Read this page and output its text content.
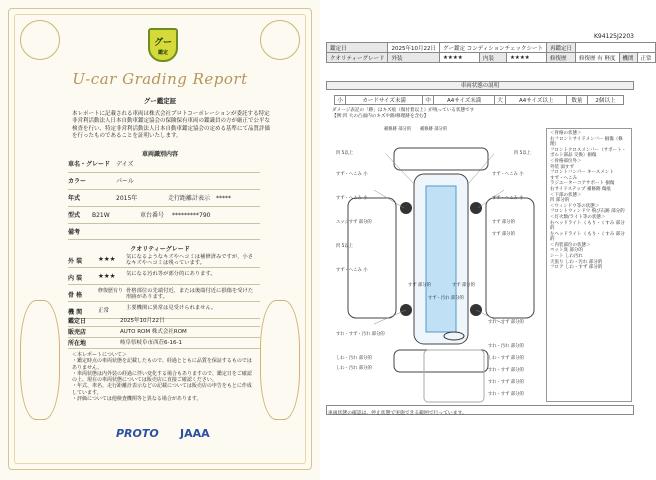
グー
鑑定
U-car Grading Report
グー鑑定証
本レポートに記載される車両は株式会社プロトコーポレーションが委託する特定非営利活動法人日本自動車鑑定協会の保険保有車両の鑑識員の方が厳正で公平な検査を行い、特定非営利活動法人日本自動車鑑定協会の定める基準にて品質評価を行ったものであることを証明いたします。
車両識別内容
車名・グレード デイズ
カラー	パール
年式	2015年	走行距離計表示 *****
型式 B21W	車台番号 *********790
備考
クオリティーグレード
外 装 ★★★ 気になるようなキズやヘコミは補修済みですが、小さなキズやヘコミは残っています。
内 装 ★★★ 気になる汚れ等が部分的にあります。
骨 格
修復歴有り 骨格部位の先端付近、または後端付近に損傷を受けた形跡があります。
機 関	正常	主要機関に異常は見受けられません。
鑑定日	2025年10月22日
販売店	AUTO ROM 株式会社ROM
所在地	岐阜県岐阜市西荘6-16-1
＜本レポートについて＞
・鑑定時点の車両状態を記載したもので、経過とともに品質を保証するものではありません。
・車両状態は内外装の経過に伴い変化する場合もありますので、鑑定日をご確認の上、現在の車両状態については販売店に直接ご確認ください。
・年式、車名、走行距離計表示などの記載については販売店の申告をもとに作成しています。
・評価については他検査機関等と異なる場合があります。
PROTO JAAA
K94125J2203
鑑定日	2025年10月22日	グー鑑定 コンディションチェックシート			再鑑定日			
クオリティーグレード	外装	★★★★	内装	★★★★	修復歴	修復歴 有 軽度	機関	正常
車両状態の説明
小	カードサイズ未満	中	A4サイズ未満	大	A4サイズ以上	数量	2個以上
ダメージ表記の「跡」はキズ痕（傷付着以上）が残っている状態です
【例:凹 大の凸面内のキズや跡/修理跡を含む】
補修跡 部分的 補修跡 部分的
凹 5以上	凹 5以上
すず・へこみ 小	すず・へこみ 小
すず・へこみ 小	すず・へこみ 小
エッジすず 部分的	すず 部分的
すず 部分的
凹 5以上
すず・へこみ 小
すず 部分的	すず 部分的
すず・汚れ 部分的
すれ・すず 部分的
すれ・すず・汚れ 部分的
すれ・汚れ 部分的
しわ・汚れ 部分的
しわ・汚れ 部分的
しわ・すず 部分的
すれ・すず 部分的
すれ・すず 部分的
すれ・すず 部分的
＜骨格の状態＞
右フロントサイドメンバー 損傷（修理）
フロントクロスメンバー（サポート・ボルト部品 交換）損傷
＜骨格部位外＞
外装 弱すず
フロントバンパー キースメント
すず・へこみ
ラジエーターコアサポート 損傷
右サイドステップ 補修跡 傷痕
＜下部の状態＞
凹 部分的
＜ウィンドウ等の状態＞
フロントウィンドウ 飛び石跡 部分的
＜灯火類/ライト等の状態＞
右ヘッドライト くもり・くすみ 部分的
左ヘッドライト くもり・くすみ 部分的
＜内装部位の状態＞
ペット臭 部分的
シート しわ汚れ
天張り しわ・汚れ 部分的
フロア しわ・すず 部分的
車両状態の確認は、停止状態で実施できる範囲で行っています。
